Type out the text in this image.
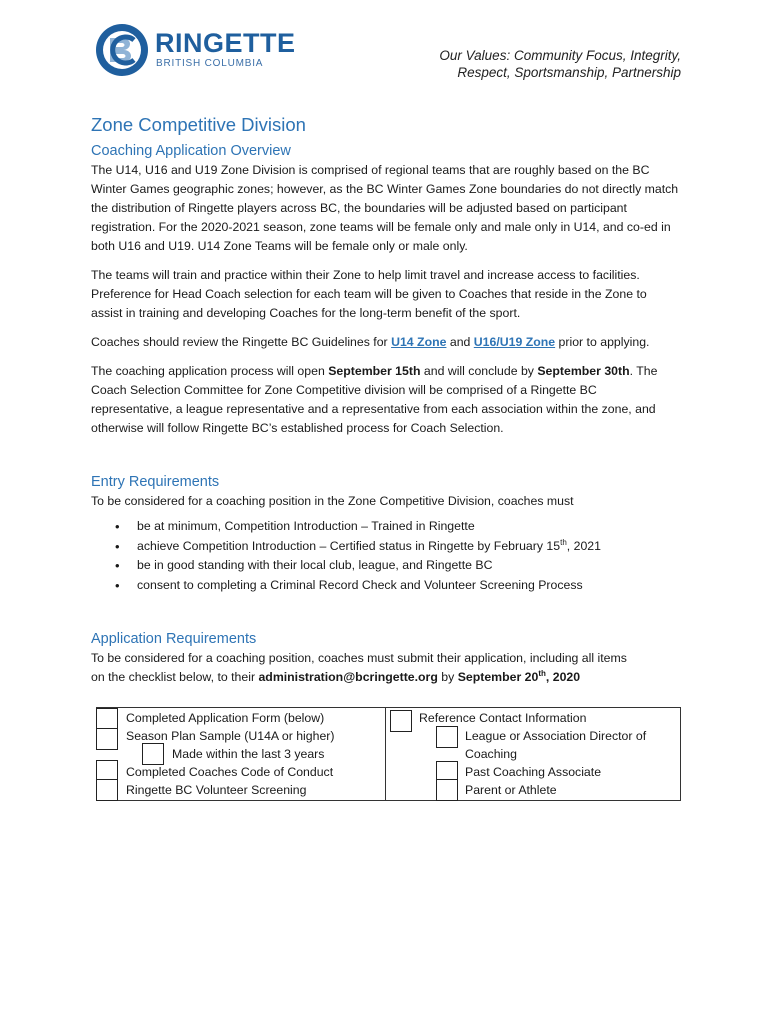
RINGETTE
BRITISH COLUMBIA
Our Values: Community Focus, Integrity,
Respect, Sportsmanship, Partnership
Zone Competitive Division
Coaching Application Overview

The U14, U16 and U19 Zone Division is comprised of regional teams that are roughly based on the BC Winter Games geographic zones; however, as the BC Winter Games Zone boundaries do not directly match the distribution of Ringette players across BC, the boundaries will be adjusted based on participant registration. For the 2020-2021 season, zone teams will be female only and male only in U14, and co-ed in both U16 and U19. U14 Zone Teams will be female only or male only.

The teams will train and practice within their Zone to help limit travel and increase access to facilities. Preference for Head Coach selection for each team will be given to Coaches that reside in the Zone to assist in training and developing Coaches for the long-term benefit of the sport.

Coaches should review the Ringette BC Guidelines for U14 Zone and U16/U19 Zone prior to applying.

The coaching application process will open September 15th and will conclude by September 30th. The Coach Selection Committee for Zone Competitive division will be comprised of a Ringette BC representative, a league representative and a representative from each association within the zone, and otherwise will follow Ringette BC’s established process for Coach Selection.

Entry Requirements

To be considered for a coaching position in the Zone Competitive Division, coaches must

• be at minimum, Competition Introduction – Trained in Ringette
• achieve Competition Introduction – Certified status in Ringette by February 15th, 2021
• be in good standing with their local club, league, and Ringette BC
• consent to completing a Criminal Record Check and Volunteer Screening Process
Application Requirements

To be considered for a coaching position, coaches must submit their application, including all items

on the checklist below, to their administration@bcringette.org by September 20th, 2020

Completed Application Form (below)
Season Plan Sample (U14A or higher)
Made within the last 3 years
Completed Coaches Code of Conduct
Ringette BC Volunteer Screening
Reference Contact Information
League or Association Director of
Coaching
Past Coaching Associate
Parent or Athlete
